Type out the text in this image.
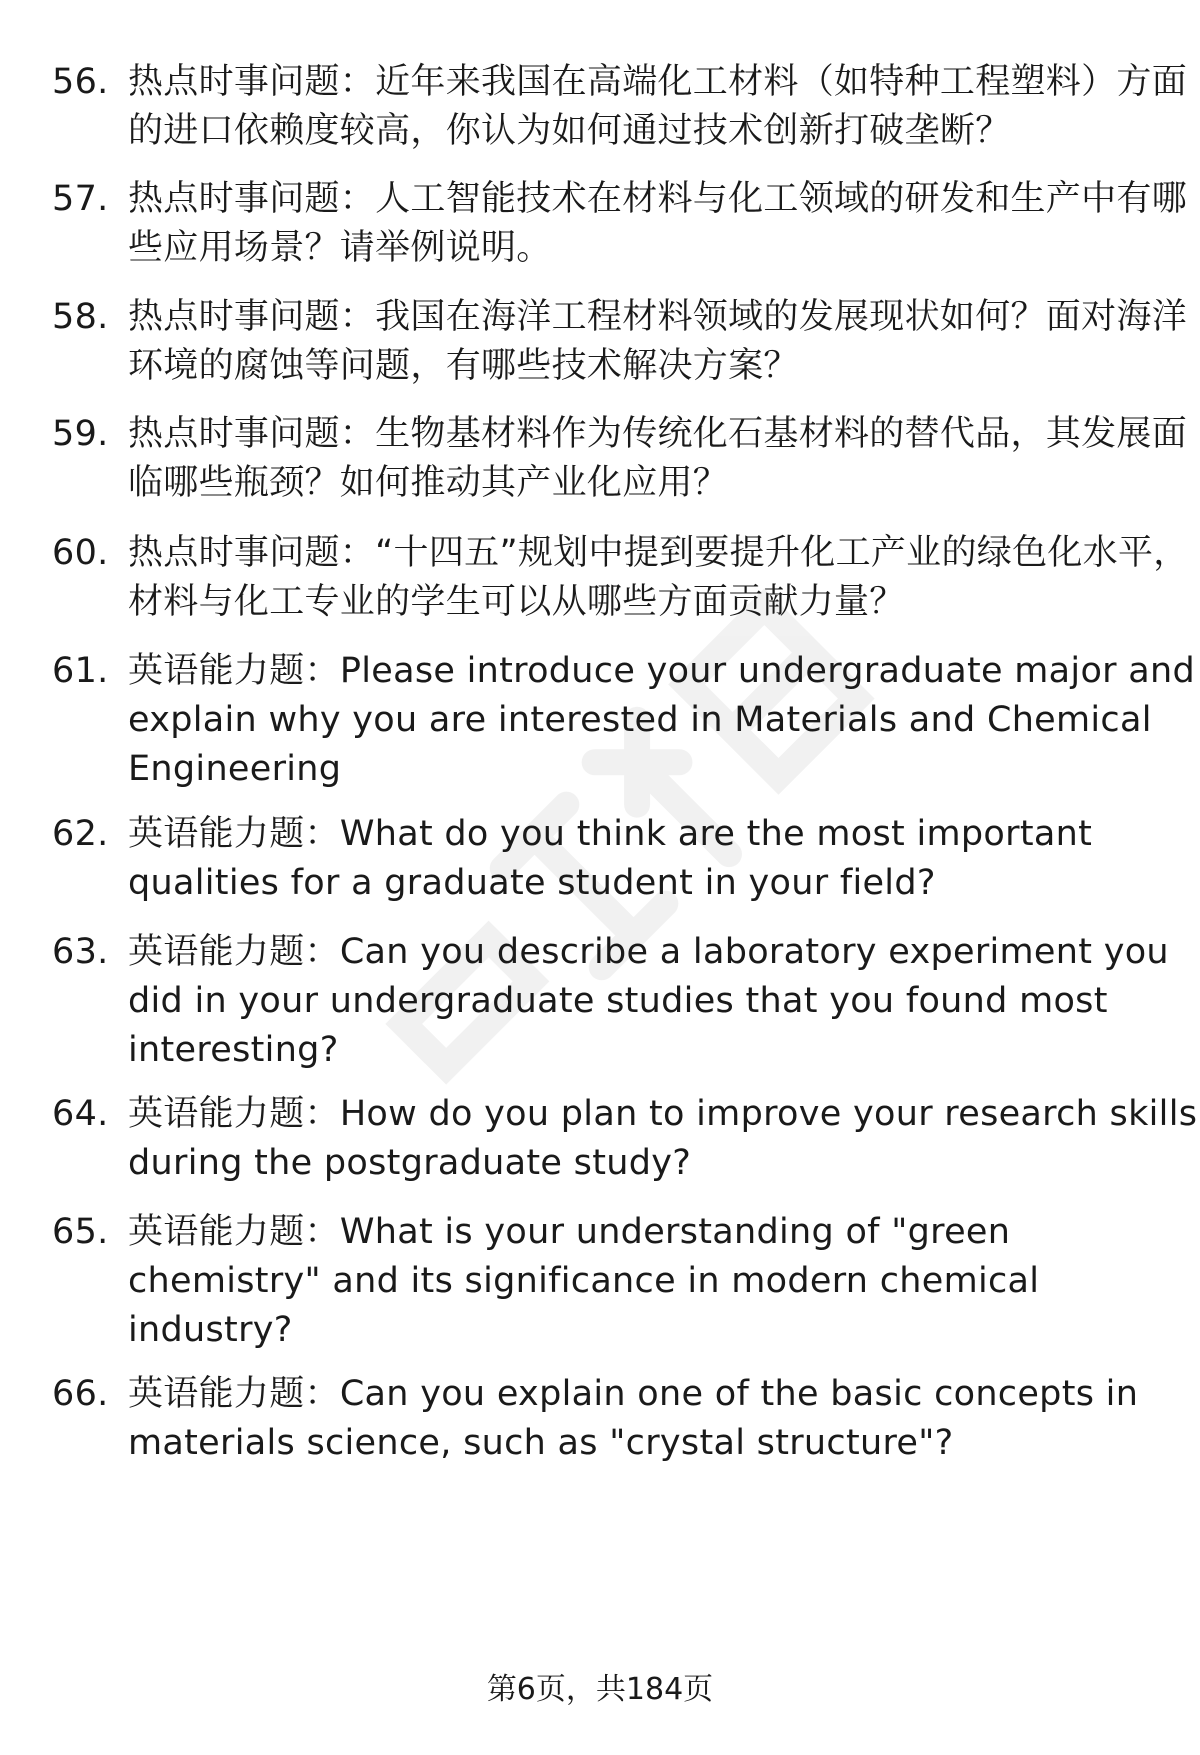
56. 热点时事问题：近年来我国在高端化工材料（如特种工程塑料）方面的进口依赖度较高，你认为如何通过技术创新打破垄断？
57. 热点时事问题：人工智能技术在材料与化工领域的研发和生产中有哪些应用场景？请举例说明。
58. 热点时事问题：我国在海洋工程材料领域的发展现状如何？面对海洋环境的腐蚀等问题，有哪些技术解决方案？
59. 热点时事问题：生物基材料作为传统化石基材料的替代品，其发展面临哪些瓶颈？如何推动其产业化应用？
60. 热点时事问题：“十四五”规划中提到要提升化工产业的绿色化水平，材料与化工专业的学生可以从哪些方面贡献力量？
61. 英语能力题：Please introduce your undergraduate major and explain why you are interested in Materials and Chemical Engineering
62. 英语能力题：What do you think are the most important qualities for a graduate student in your field?
63. 英语能力题：Can you describe a laboratory experiment you did in your undergraduate studies that you found most interesting?
64. 英语能力题：How do you plan to improve your research skills during the postgraduate study?
65. 英语能力题：What is your understanding of "green chemistry" and its significance in modern chemical industry?
66. 英语能力题：Can you explain one of the basic concepts in materials science, such as "crystal structure"?
第6页，共184页
